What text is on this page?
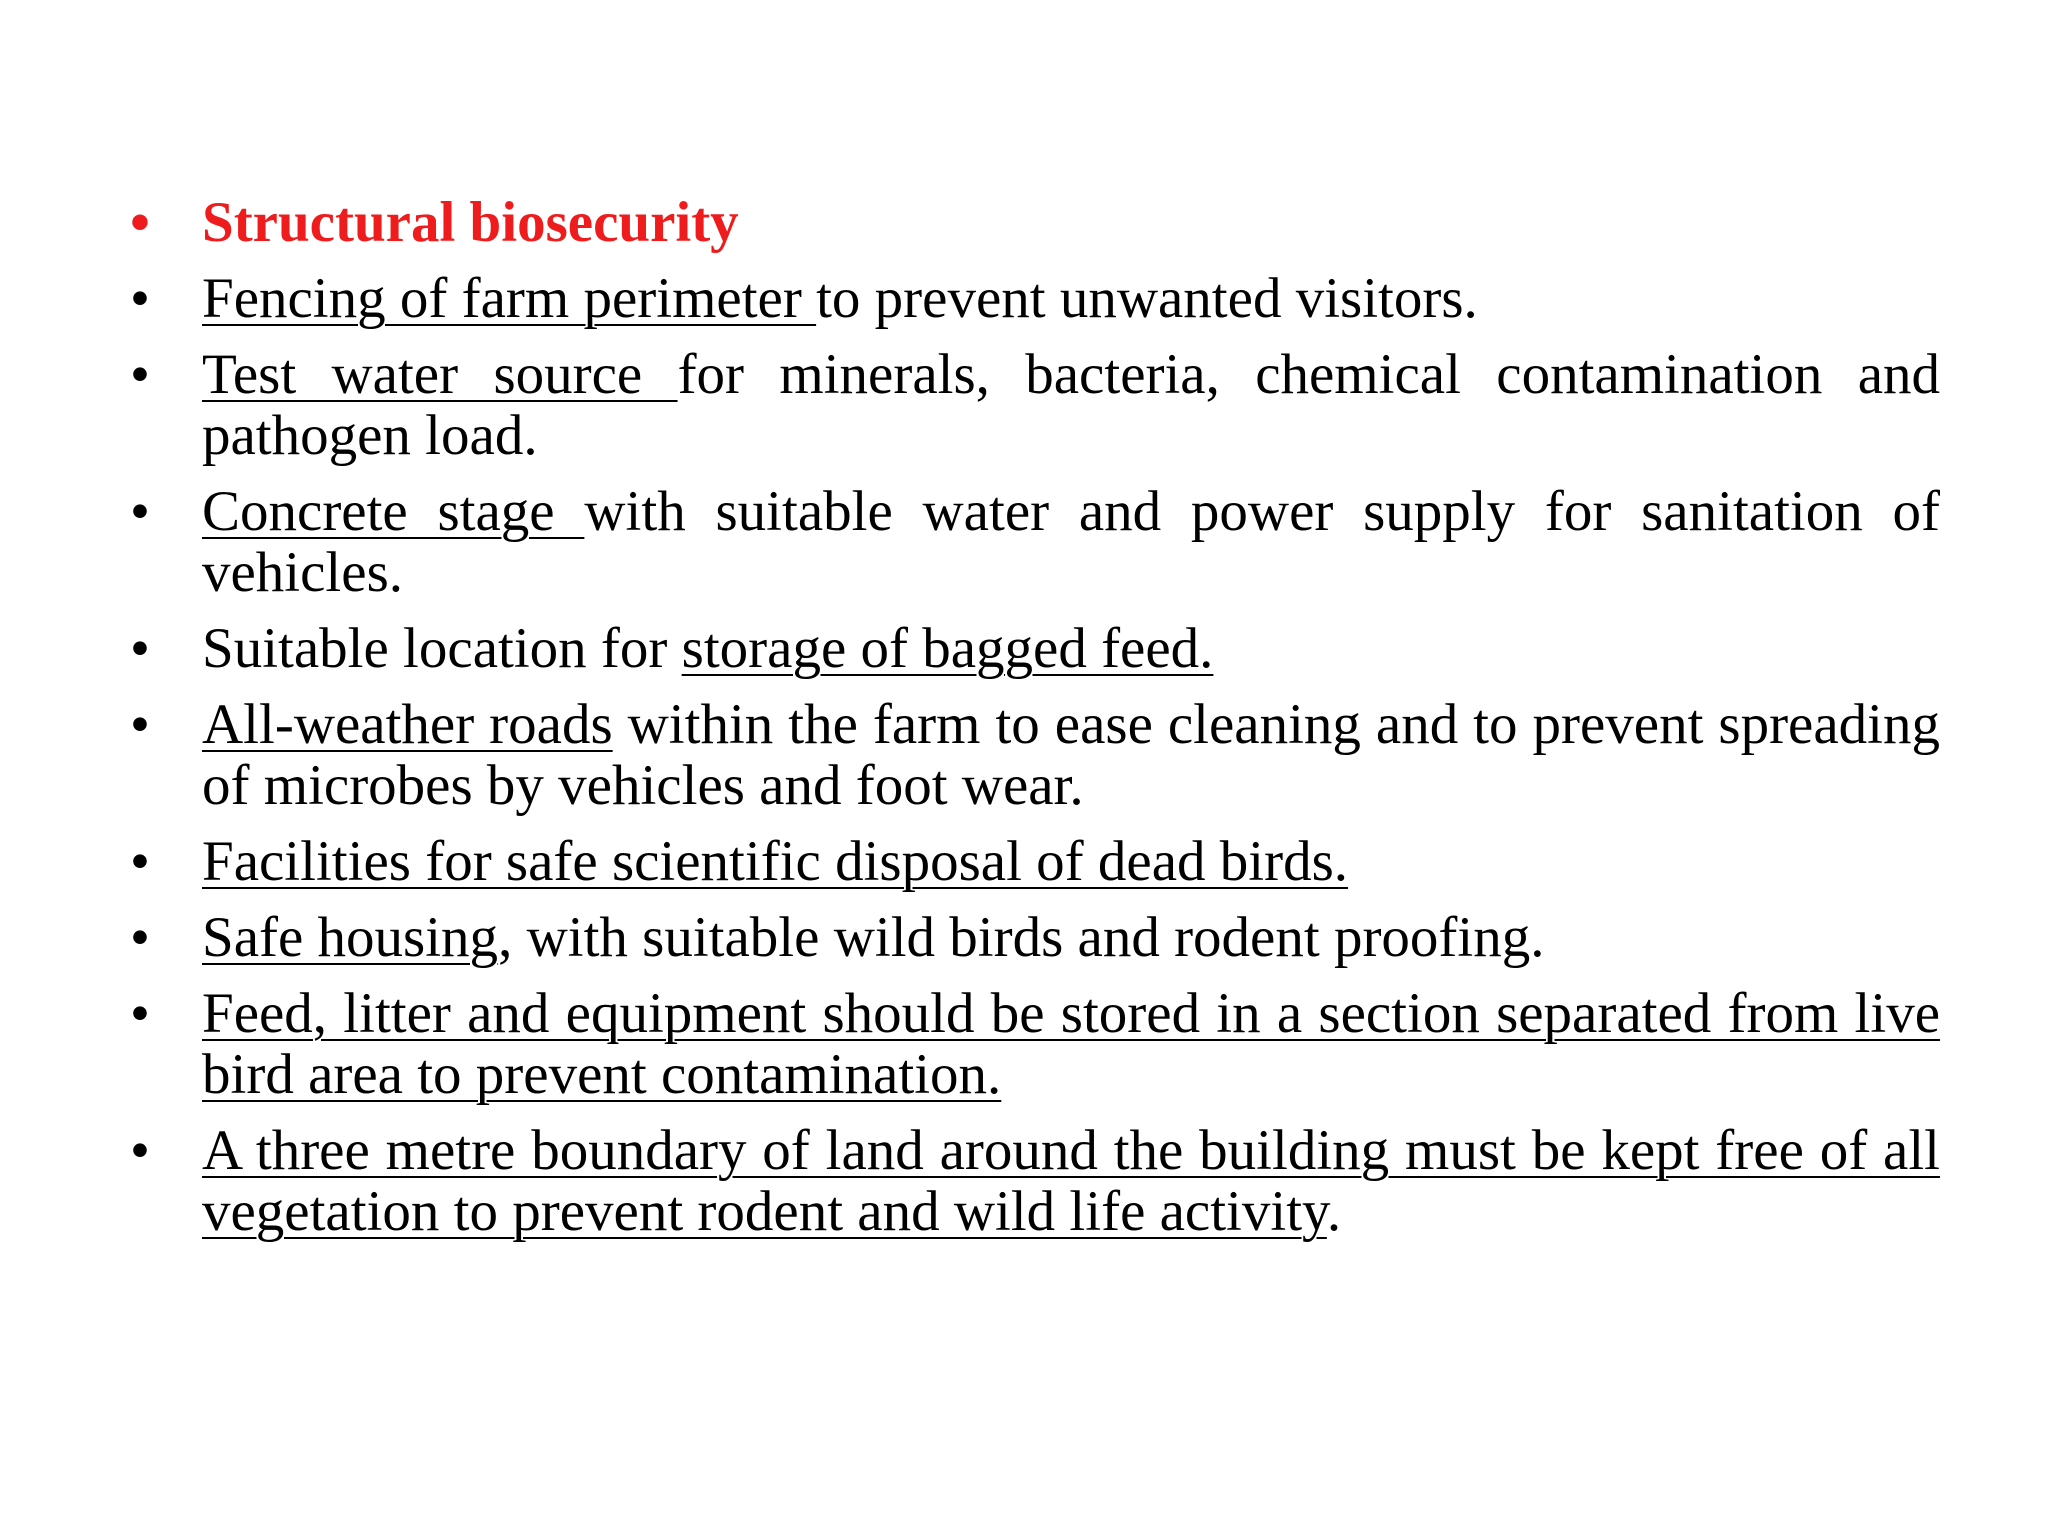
• Structural biosecurity
• Fencing of farm perimeter to prevent unwanted visitors.
• Test water source for minerals, bacteria, chemical contamination and pathogen load.
• Concrete stage with suitable water and power supply for sanitation of vehicles.
• Suitable location for storage of bagged feed.
• All-weather roads within the farm to ease cleaning and to prevent spreading of microbes by vehicles and foot wear.
• Facilities for safe scientific disposal of dead birds.
• Safe housing, with suitable wild birds and rodent proofing.
• Feed, litter and equipment should be stored in a section separated from live bird area to prevent contamination.
• A three metre boundary of land around the building must be kept free of all vegetation to prevent rodent and wild life activity.
